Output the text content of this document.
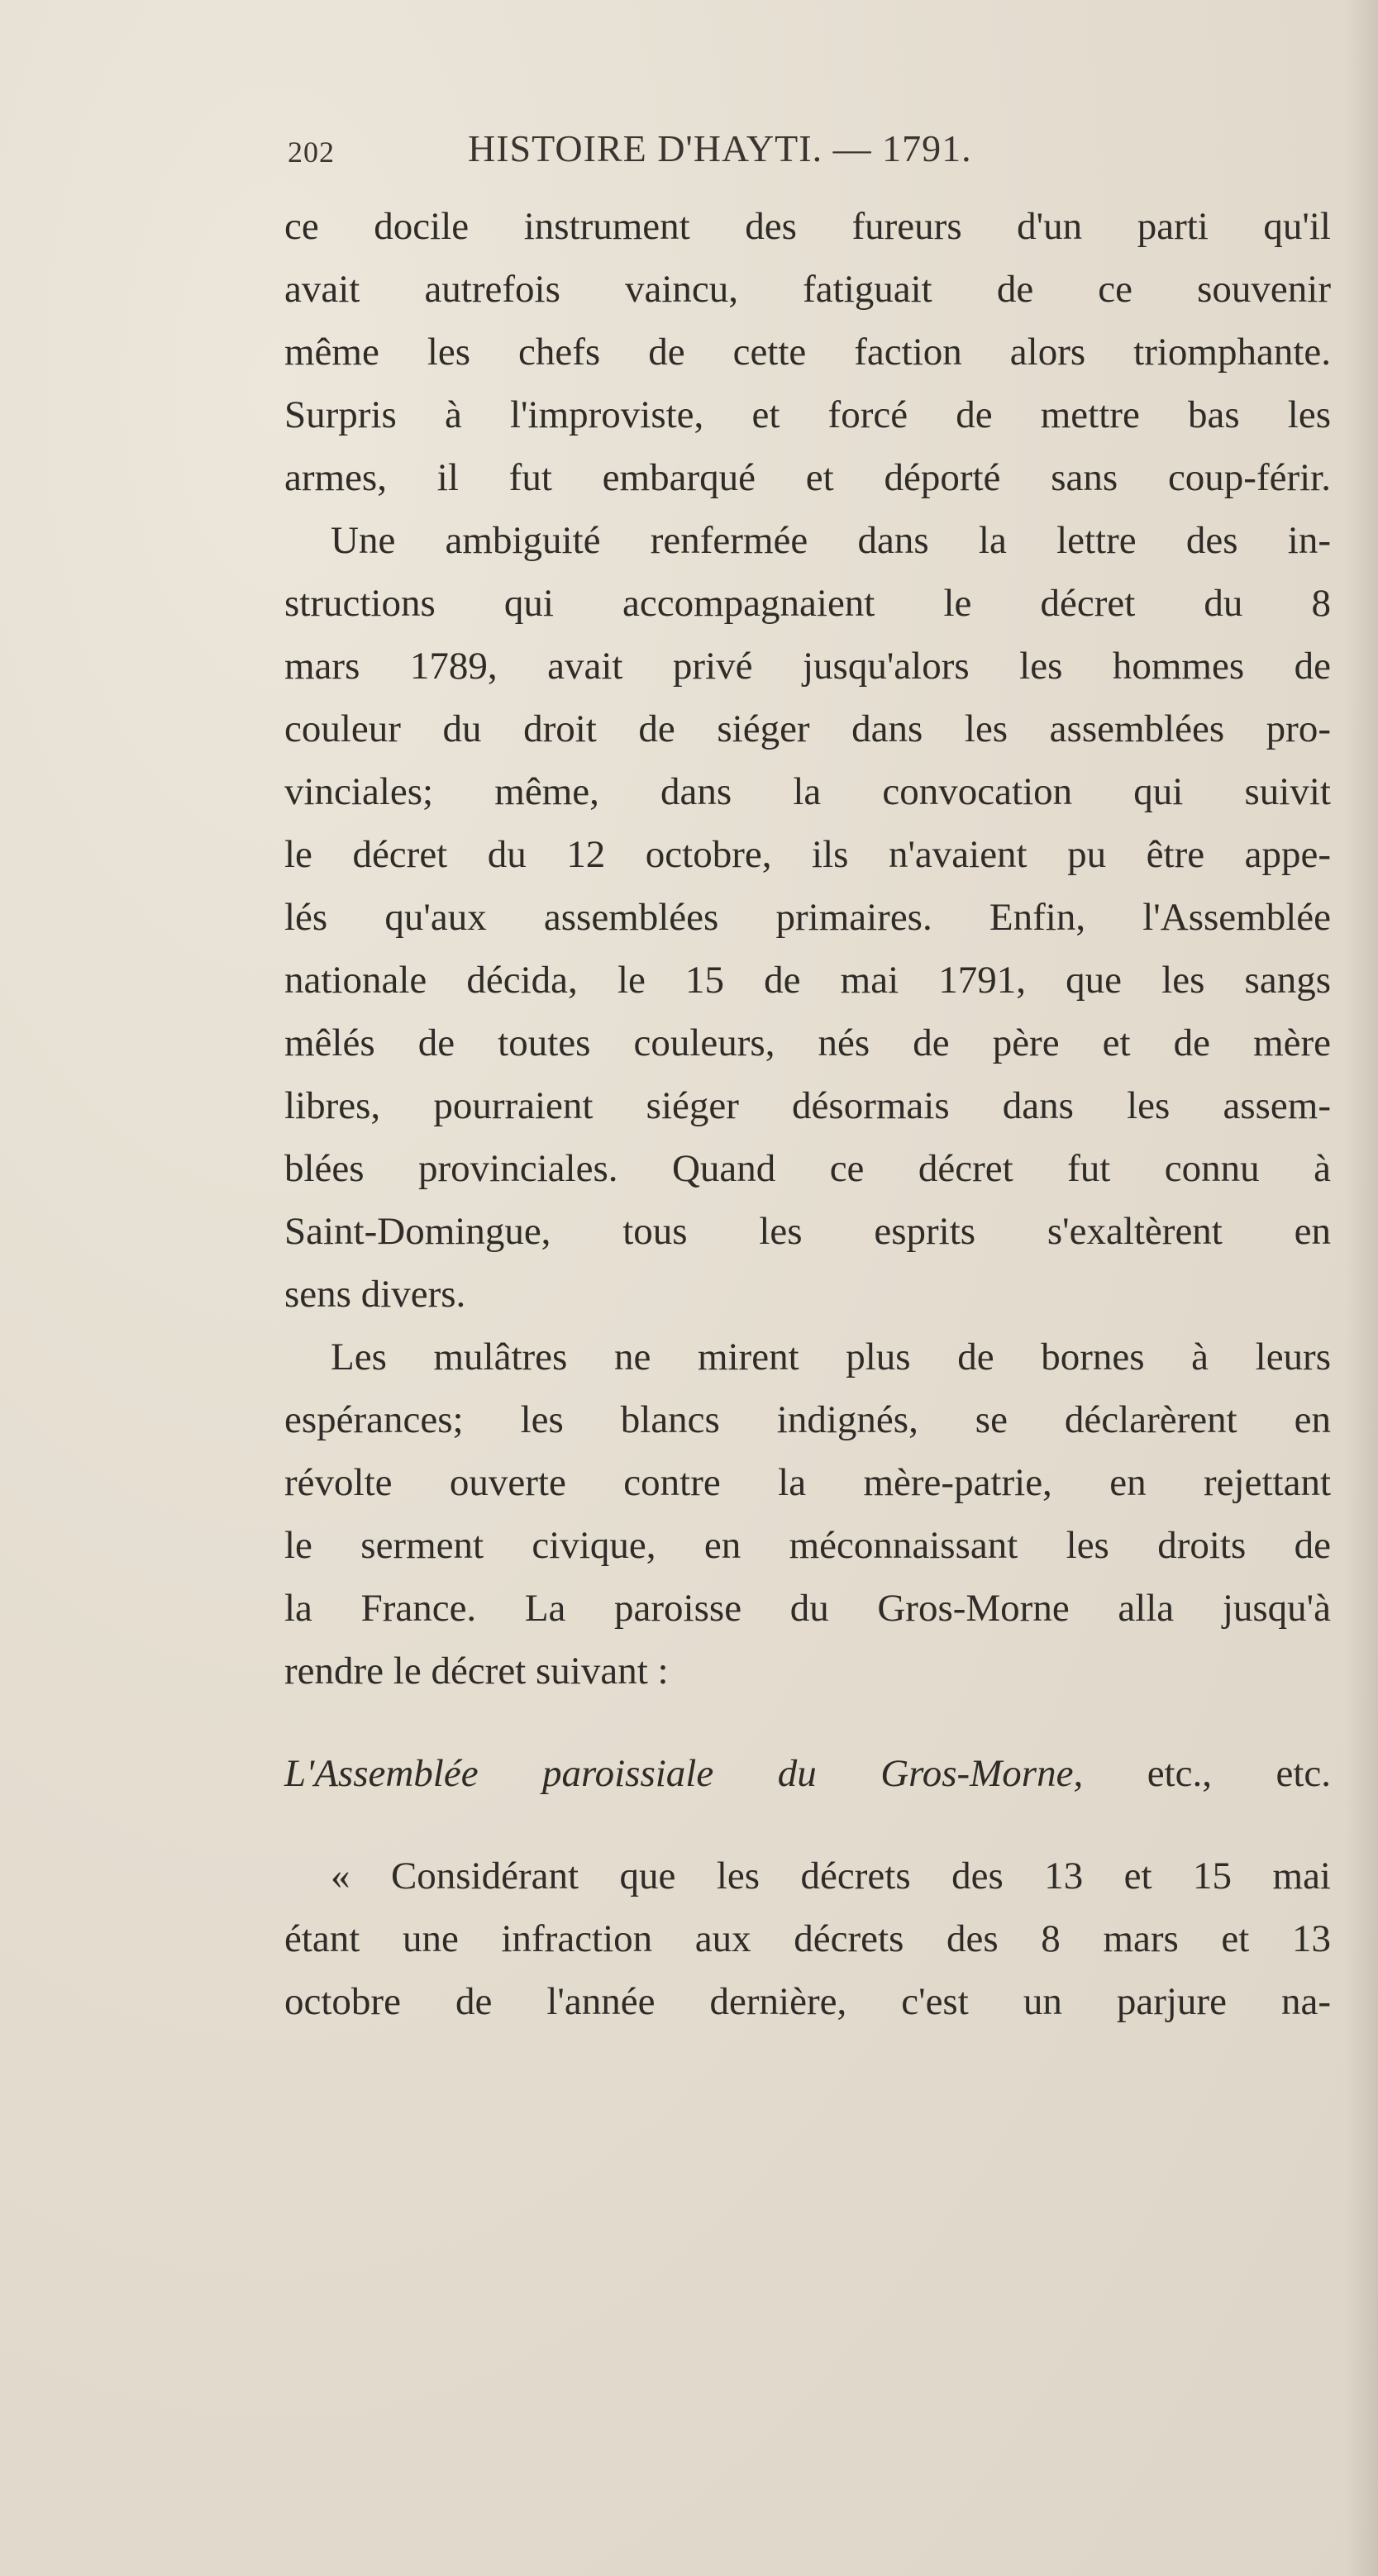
202	HISTOIRE D'HAYTI. — 1791.
ce docile instrument des fureurs d'un parti qu'il
avait autrefois vaincu, fatiguait de ce souvenir
même les chefs de cette faction alors triomphante.
Surpris à l'improviste, et forcé de mettre bas les
armes, il fut embarqué et déporté sans coup-férir.
Une ambiguité renfermée dans la lettre des in-
structions qui accompagnaient le décret du 8
mars 1789, avait privé jusqu'alors les hommes de
couleur du droit de siéger dans les assemblées pro-
vinciales; même, dans la convocation qui suivit
le décret du 12 octobre, ils n'avaient pu être appe-
lés qu'aux assemblées primaires. Enfin, l'Assemblée
nationale décida, le 15 de mai 1791, que les sangs
mêlés de toutes couleurs, nés de père et de mère
libres, pourraient siéger désormais dans les assem-
blées provinciales. Quand ce décret fut connu à
Saint-Domingue, tous les esprits s'exaltèrent en
sens divers.
Les mulâtres ne mirent plus de bornes à leurs
espérances; les blancs indignés, se déclarèrent en
révolte ouverte contre la mère-patrie, en rejettant
le serment civique, en méconnaissant les droits de
la France. La paroisse du Gros-Morne alla jusqu'à
rendre le décret suivant :
L'Assemblée paroissiale du Gros-Morne, etc., etc.
« Considérant que les décrets des 13 et 15 mai
étant une infraction aux décrets des 8 mars et 13
octobre de l'année dernière, c'est un parjure na-
